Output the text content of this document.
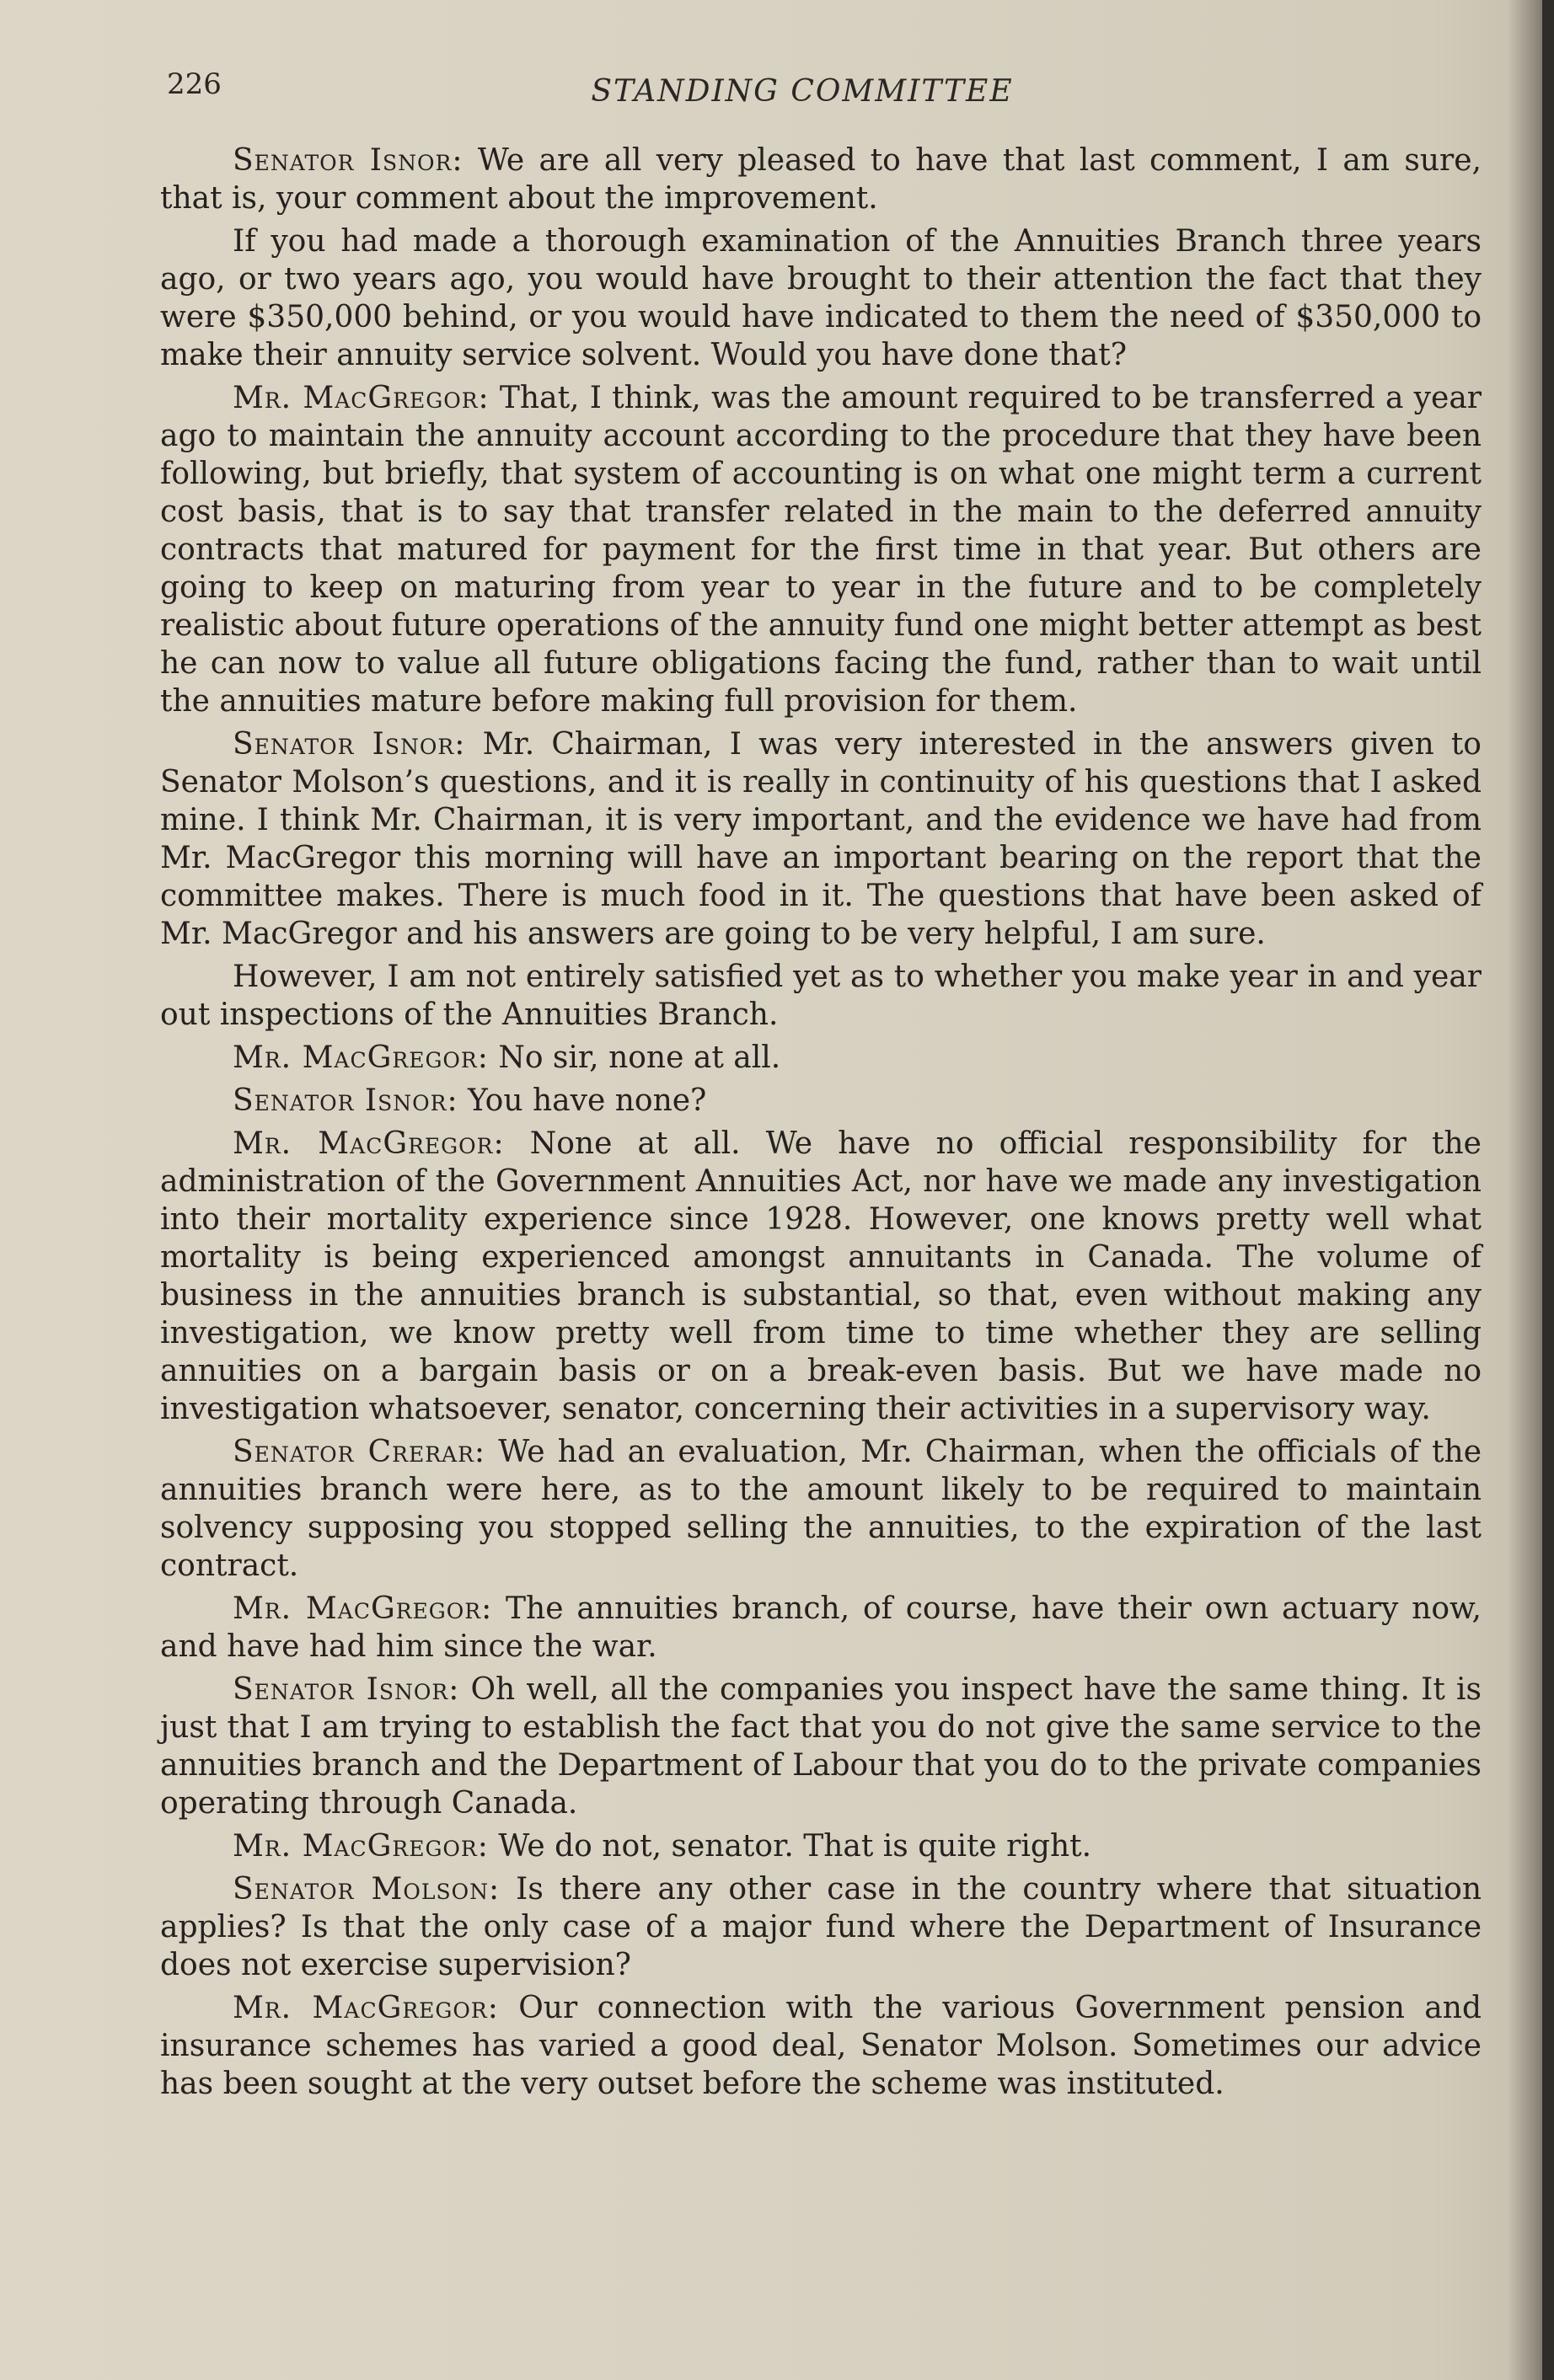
226	STANDING COMMITTEE

Senator Isnor: We are all very pleased to have that last comment, I am sure, that is, your comment about the improvement.

If you had made a thorough examination of the Annuities Branch three years ago, or two years ago, you would have brought to their attention the fact that they were $350,000 behind, or you would have indicated to them the need of $350,000 to make their annuity service solvent. Would you have done that?

Mr. MacGregor: That, I think, was the amount required to be transferred a year ago to maintain the annuity account according to the procedure that they have been following, but briefly, that system of accounting is on what one might term a current cost basis, that is to say that transfer related in the main to the deferred annuity contracts that matured for payment for the first time in that year. But others are going to keep on maturing from year to year in the future and to be completely realistic about future operations of the annuity fund one might better attempt as best he can now to value all future obligations facing the fund, rather than to wait until the annuities mature before making full provision for them.

Senator Isnor: Mr. Chairman, I was very interested in the answers given to Senator Molson’s questions, and it is really in continuity of his questions that I asked mine. I think Mr. Chairman, it is very important, and the evidence we have had from Mr. MacGregor this morning will have an important bearing on the report that the committee makes. There is much food in it. The questions that have been asked of Mr. MacGregor and his answers are going to be very helpful, I am sure.

However, I am not entirely satisfied yet as to whether you make year in and year out inspections of the Annuities Branch.

Mr. MacGregor: No sir, none at all.

Senator Isnor: You have none?

Mr. MacGregor: None at all. We have no official responsibility for the administration of the Government Annuities Act, nor have we made any investigation into their mortality experience since 1928. However, one knows pretty well what mortality is being experienced amongst annuitants in Canada. The volume of business in the annuities branch is substantial, so that, even without making any investigation, we know pretty well from time to time whether they are selling annuities on a bargain basis or on a break-even basis. But we have made no investigation whatsoever, senator, concerning their activities in a supervisory way.

Senator Crerar: We had an evaluation, Mr. Chairman, when the officials of the annuities branch were here, as to the amount likely to be required to maintain solvency supposing you stopped selling the annuities, to the expiration of the last contract.

Mr. MacGregor: The annuities branch, of course, have their own actuary now, and have had him since the war.

Senator Isnor: Oh well, all the companies you inspect have the same thing. It is just that I am trying to establish the fact that you do not give the same service to the annuities branch and the Department of Labour that you do to the private companies operating through Canada.

Mr. MacGregor: We do not, senator. That is quite right.

Senator Molson: Is there any other case in the country where that situation applies? Is that the only case of a major fund where the Department of Insurance does not exercise supervision?

Mr. MacGregor: Our connection with the various Government pension and insurance schemes has varied a good deal, Senator Molson. Sometimes our advice has been sought at the very outset before the scheme was instituted.
